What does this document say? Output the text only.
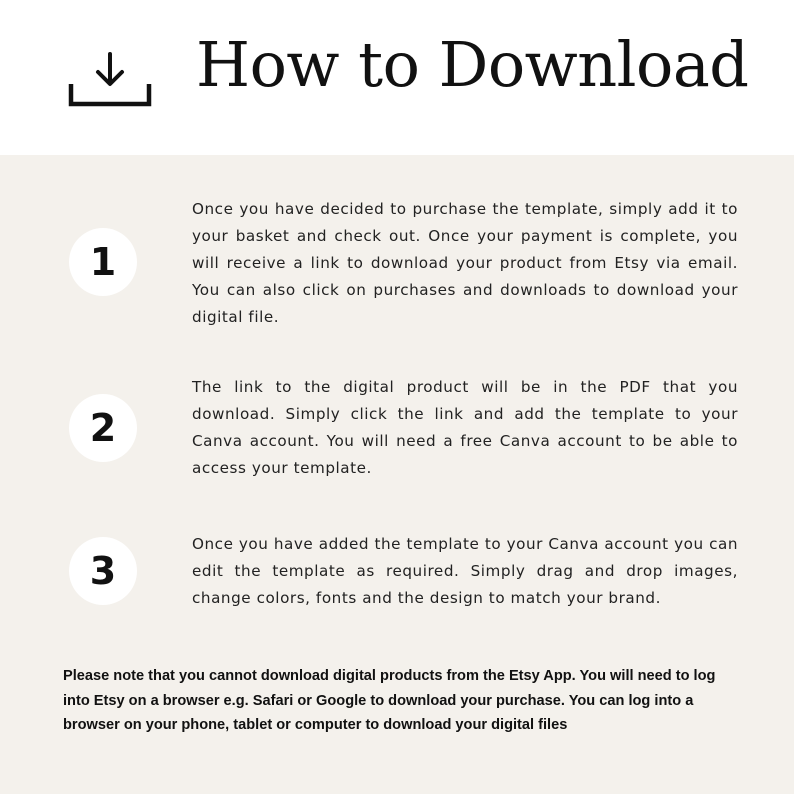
How to Download
1

Once you have decided to purchase the template, simply add it to your basket and check out. Once your payment is complete, you will receive a link to download your product from Etsy via email. You can also click on purchases and downloads to download your digital file.

2

The link to the digital product will be in the PDF that you download. Simply click the link and add the template to your Canva account. You will need a free Canva account to be able to access your template.

3

Once you have added the template to your Canva account you can edit the template as required. Simply drag and drop images, change colors, fonts and the design to match your brand.

Please note that you cannot download digital products from the Etsy App. You will need to log into Etsy on a browser e.g. Safari or Google to download your purchase. You can log into a browser on your phone, tablet or computer to download your digital files
